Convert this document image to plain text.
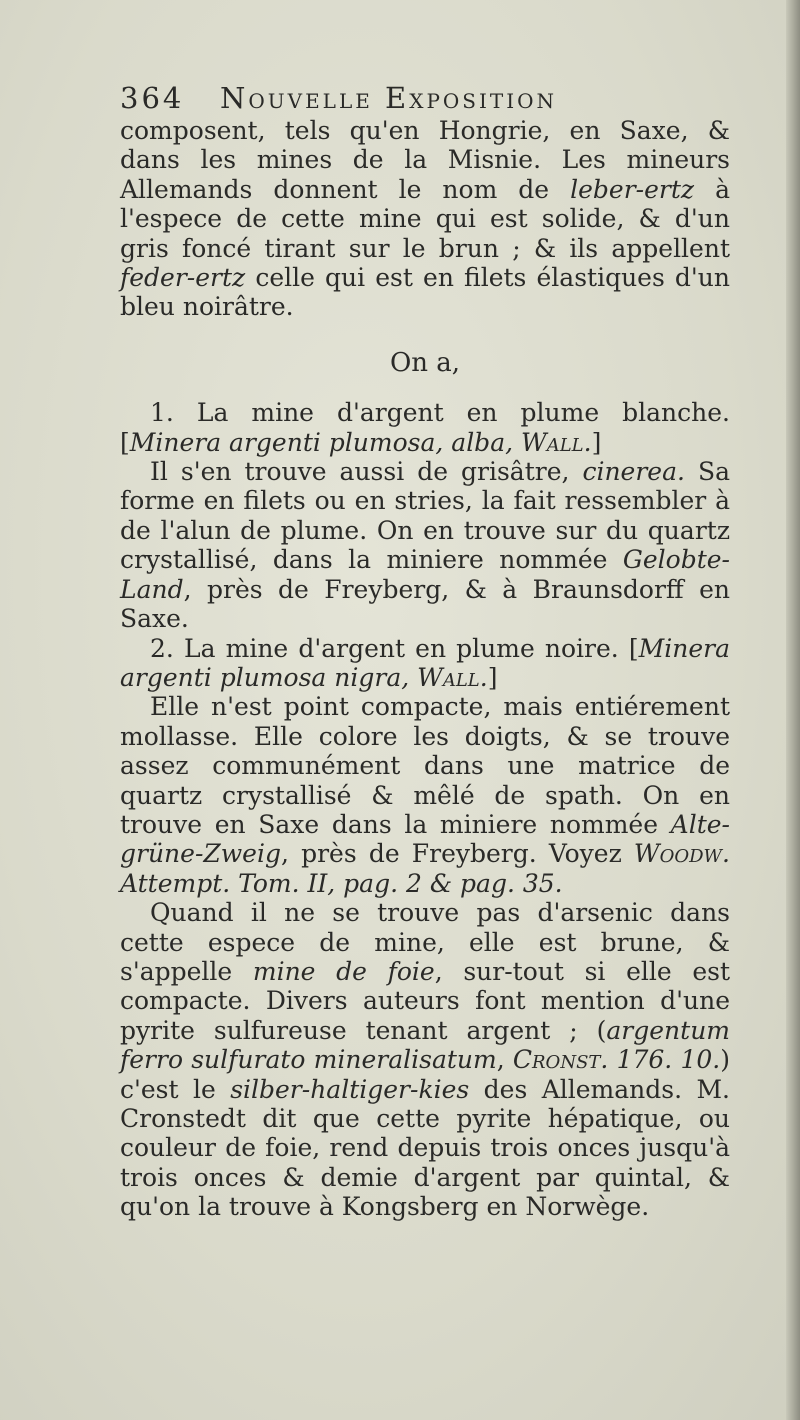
364 Nouvelle Exposition

composent, tels qu'en Hongrie, en Saxe, & dans les mines de la Misnie. Les mineurs Allemands donnent le nom de leber-ertz à l'espece de cette mine qui est solide, & d'un gris foncé tirant sur le brun ; & ils appellent feder-ertz celle qui est en filets élastiques d'un bleu noirâtre.

On a,

1. La mine d'argent en plume blanche. [Minera argenti plumosa, alba, Wall.]

Il s'en trouve aussi de grisâtre, cinerea. Sa forme en filets ou en stries, la fait ressembler à de l'alun de plume. On en trouve sur du quartz crystallisé, dans la miniere nommée Gelobte-Land, près de Freyberg, & à Braunsdorff en Saxe.

2. La mine d'argent en plume noire. [Minera argenti plumosa nigra, Wall.]

Elle n'est point compacte, mais entiérement mollasse. Elle colore les doigts, & se trouve assez communément dans une matrice de quartz crystallisé & mêlé de spath. On en trouve en Saxe dans la miniere nommée Alte-grüne-Zweig, près de Freyberg. Voyez Woodw. Attempt. Tom. II, pag. 2 & pag. 35.

Quand il ne se trouve pas d'arsenic dans cette espece de mine, elle est brune, & s'appelle mine de foie, sur-tout si elle est compacte. Divers auteurs font mention d'une pyrite sulfureuse tenant argent ; (argentum ferro sulfurato mineralisatum, Cronst. 176. 10.) c'est le silber-haltiger-kies des Allemands. M. Cronstedt dit que cette pyrite hépatique, ou couleur de foie, rend depuis trois onces jusqu'à trois onces & demie d'argent par quintal, & qu'on la trouve à Kongsberg en Norwège.
